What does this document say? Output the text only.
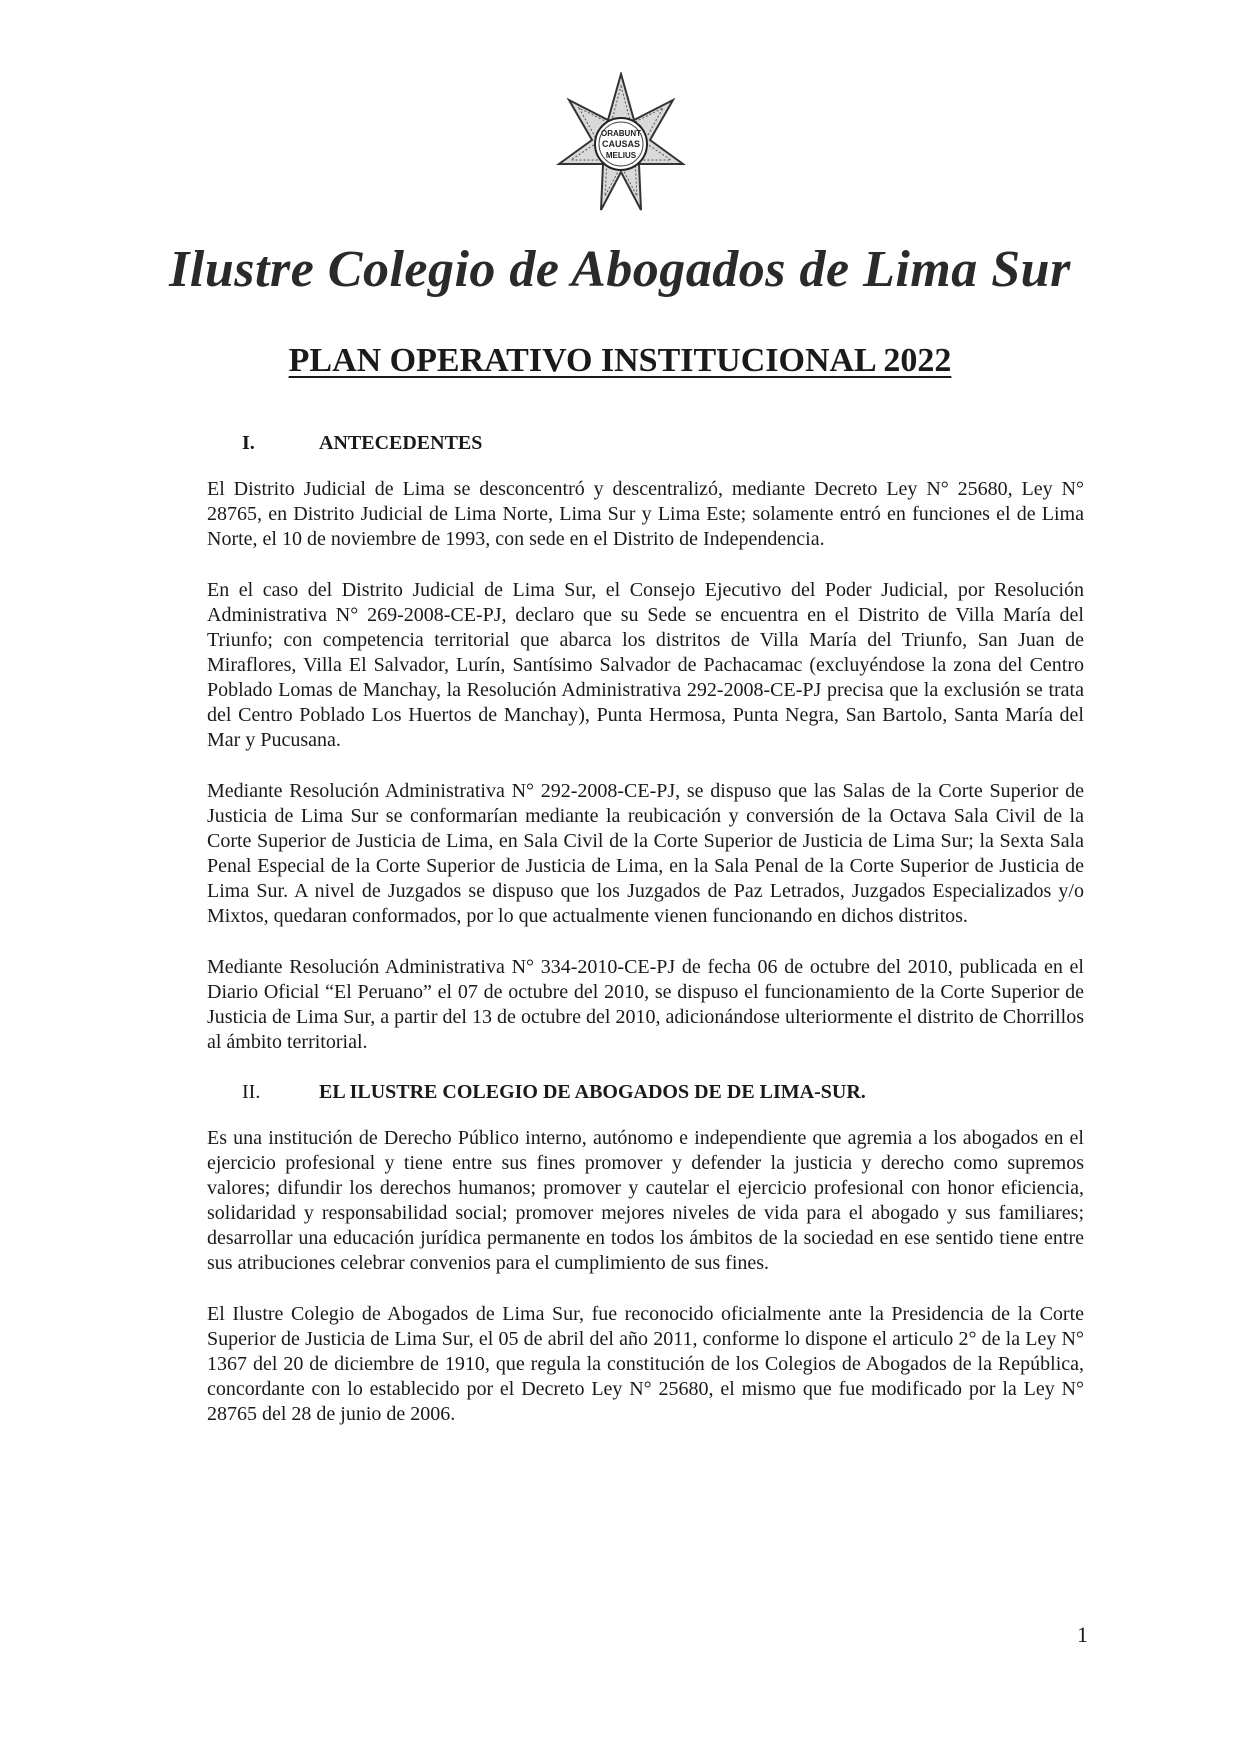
ORABUNT
CAUSAS
MELIUS
Ilustre Colegio de Abogados de Lima Sur
PLAN OPERATIVO INSTITUCIONAL 2022
I.	ANTECEDENTES

El Distrito Judicial de Lima se desconcentró y descentralizó, mediante Decreto Ley N° 25680, Ley N° 28765, en Distrito Judicial de Lima Norte, Lima Sur y Lima Este; solamente entró en funciones el de Lima Norte, el 10 de noviembre de 1993, con sede en el Distrito de Independencia.

En el caso del Distrito Judicial de Lima Sur, el Consejo Ejecutivo del Poder Judicial, por Resolución Administrativa N° 269-2008-CE-PJ, declaro que su Sede se encuentra en el Distrito de Villa María del Triunfo; con competencia territorial que abarca los distritos de Villa María del Triunfo, San Juan de Miraflores, Villa El Salvador, Lurín, Santísimo Salvador de Pachacamac (excluyéndose la zona del Centro Poblado Lomas de Manchay, la Resolución Administrativa 292-2008-CE-PJ precisa que la exclusión se trata del Centro Poblado Los Huertos de Manchay), Punta Hermosa, Punta Negra, San Bartolo, Santa María del Mar y Pucusana.

Mediante Resolución Administrativa N° 292-2008-CE-PJ, se dispuso que las Salas de la Corte Superior de Justicia de Lima Sur se conformarían mediante la reubicación y conversión de la Octava Sala Civil de la Corte Superior de Justicia de Lima, en Sala Civil de la Corte Superior de Justicia de Lima Sur; la Sexta Sala Penal Especial de la Corte Superior de Justicia de Lima, en la Sala Penal de la Corte Superior de Justicia de Lima Sur. A nivel de Juzgados se dispuso que los Juzgados de Paz Letrados, Juzgados Especializados y/o Mixtos, quedaran conformados, por lo que actualmente vienen funcionando en dichos distritos.

Mediante Resolución Administrativa N° 334-2010-CE-PJ de fecha 06 de octubre del 2010, publicada en el Diario Oficial “El Peruano” el 07 de octubre del 2010, se dispuso el funcionamiento de la Corte Superior de Justicia de Lima Sur, a partir del 13 de octubre del 2010, adicionándose ulteriormente el distrito de Chorrillos al ámbito territorial.

II.	EL ILUSTRE COLEGIO DE ABOGADOS DE DE LIMA-SUR.

Es una institución de Derecho Público interno, autónomo e independiente que agremia a los abogados en el ejercicio profesional y tiene entre sus fines promover y defender la justicia y derecho como supremos valores; difundir los derechos humanos; promover y cautelar el ejercicio profesional con honor eficiencia, solidaridad y responsabilidad social; promover mejores niveles de vida para el abogado y sus familiares; desarrollar una educación jurídica permanente en todos los ámbitos de la sociedad en ese sentido tiene entre sus atribuciones celebrar convenios para el cumplimiento de sus fines.

El Ilustre Colegio de Abogados de Lima Sur, fue reconocido oficialmente ante la Presidencia de la Corte Superior de Justicia de Lima Sur, el 05 de abril del año 2011, conforme lo dispone el articulo 2° de la Ley N° 1367 del 20 de diciembre de 1910, que regula la constitución de los Colegios de Abogados de la República, concordante con lo establecido por el Decreto Ley N° 25680, el mismo que fue modificado por la Ley N° 28765 del 28 de junio de 2006.

1
